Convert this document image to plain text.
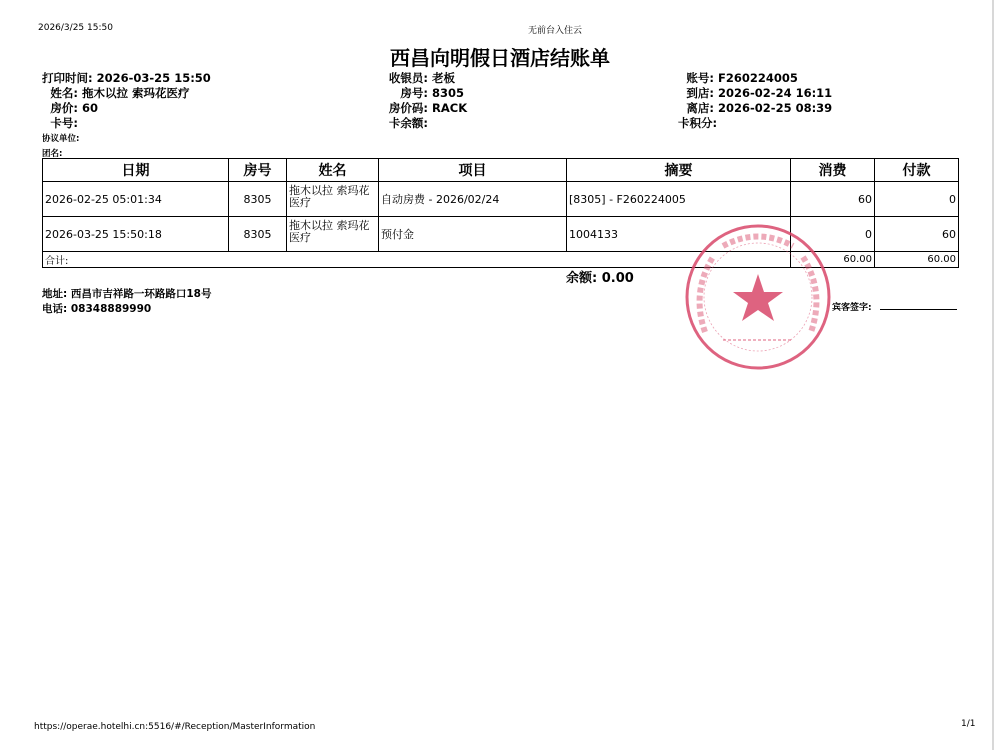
2026/3/25 15:50	无前台入住云
西昌向明假日酒店结账单
打印时间: 2026-03-25 15:50
姓名: 拖木以拉 索玛花医疗
房价: 60
卡号:
协议单位:
团名:
收银员: 老板
房号: 8305
房价码: RACK
卡余额:
账号: F260224005
到店: 2026-02-24 16:11
离店: 2026-02-25 08:39
卡积分:
日期	房号	姓名	项目	摘要	消费	付款
2026-02-25 05:01:34	8305	拖木以拉 索玛花医疗	自动房费 - 2026/02/24	[8305] - F260224005	60	0
2026-03-25 15:50:18	8305	拖木以拉 索玛花医疗	预付金	1004133	0	60
合计:					60.00	60.00
余额: 0.00
地址: 西昌市吉祥路一环路路口18号
电话: 08348889990	宾客签字:
https://operae.hotelhi.cn:5516/#/Reception/MasterInformation	1/1
